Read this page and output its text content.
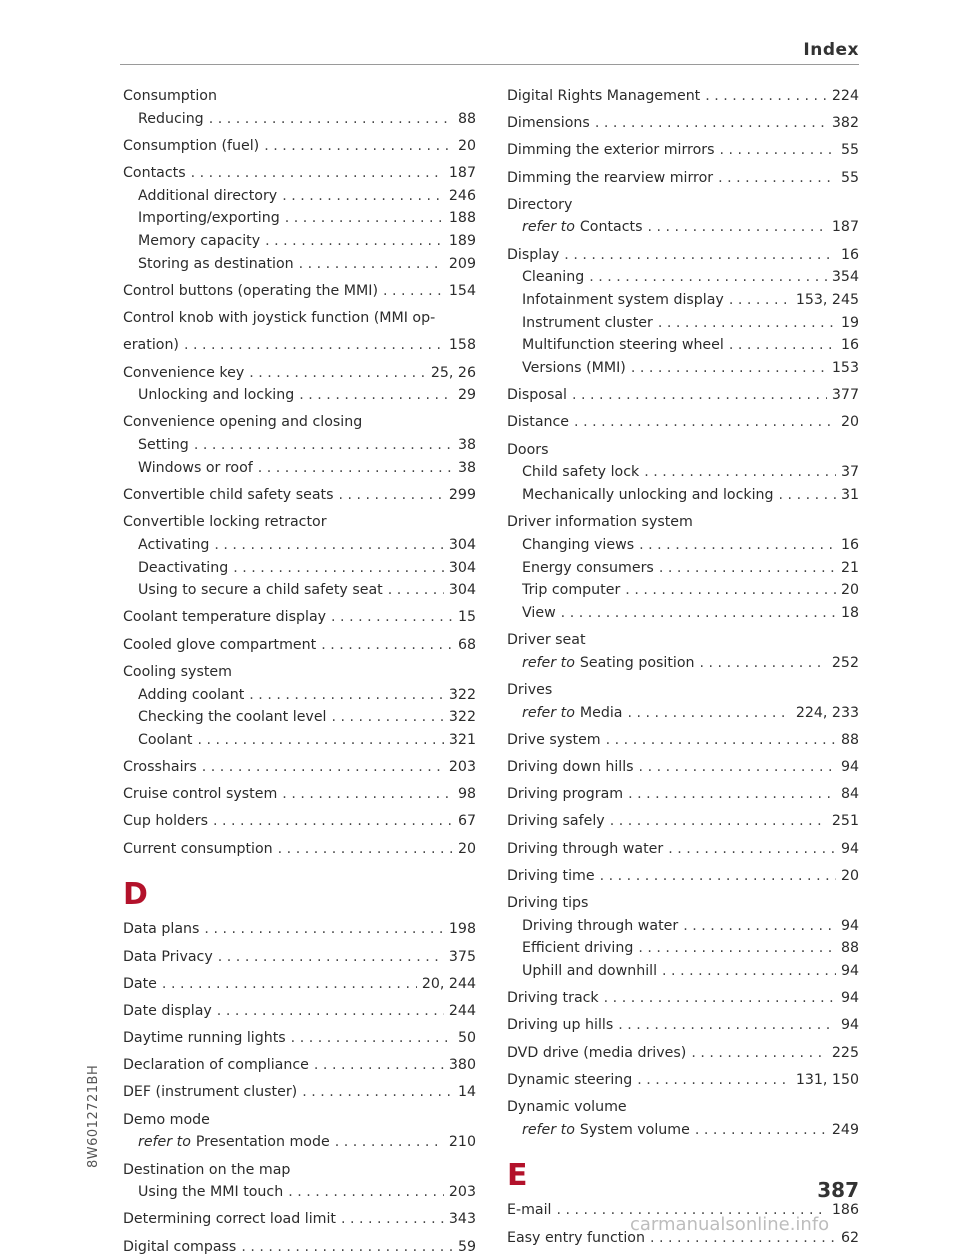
Index
Consumption
Reducing . . .	88
Consumption (fuel) . . .	20
Contacts . . .	187
Additional directory . . .	246
Importing/exporting . . .	188
Memory capacity . . .	189
Storing as destination . . .	209
Control buttons (operating the MMI) . . .	154
Control knob with joystick function (MMI op-
eration) . . .	158
Convenience key . . .	25, 26
Unlocking and locking . . .	29
Convenience opening and closing
Setting . . .	38
Windows or roof . . .	38
Convertible child safety seats . . .	299
Convertible locking retractor
Activating . . .	304
Deactivating . . .	304
Using to secure a child safety seat . . .	304
Coolant temperature display . . .	15
Cooled glove compartment . . .	68
Cooling system
Adding coolant . . .	322
Checking the coolant level . . .	322
Coolant . . .	321
Crosshairs . . .	203
Cruise control system . . .	98
Cup holders . . .	67
Current consumption . . .	20
D
Data plans . . .	198
Data Privacy . . .	375
Date . . .	20, 244
Date display . . .	244
Daytime running lights . . .	50
Declaration of compliance . . .	380
DEF (instrument cluster) . . .	14
Demo mode
refer to Presentation mode . . .	210
Destination on the map
Using the MMI touch . . .	203
Determining correct load limit . . .	343
Digital compass . . .	59
Digital Rights Management . . .	224
Dimensions . . .	382
Dimming the exterior mirrors . . .	55
Dimming the rearview mirror . . .	55
Directory
refer to Contacts . . .	187
Display . . .	16
Cleaning . . .	354
Infotainment system display . . .	153, 245
Instrument cluster . . .	19
Multifunction steering wheel . . .	16
Versions (MMI) . . .	153
Disposal . . .	377
Distance . . .	20
Doors
Child safety lock . . .	37
Mechanically unlocking and locking . . .	31
Driver information system
Changing views . . .	16
Energy consumers . . .	21
Trip computer . . .	20
View . . .	18
Driver seat
refer to Seating position . . .	252
Drives
refer to Media . . .	224, 233
Drive system . . .	88
Driving down hills . . .	94
Driving program . . .	84
Driving safely . . .	251
Driving through water . . .	94
Driving time . . .	20
Driving tips
Driving through water . . .	94
Efficient driving . . .	88
Uphill and downhill . . .	94
Driving track . . .	94
Driving up hills . . .	94
DVD drive (media drives) . . .	225
Dynamic steering . . .	131, 150
Dynamic volume
refer to System volume . . .	249
E
E-mail . . .	186
Easy entry function . . .	62
8W6012721BH
387
carmanualsonline.info
